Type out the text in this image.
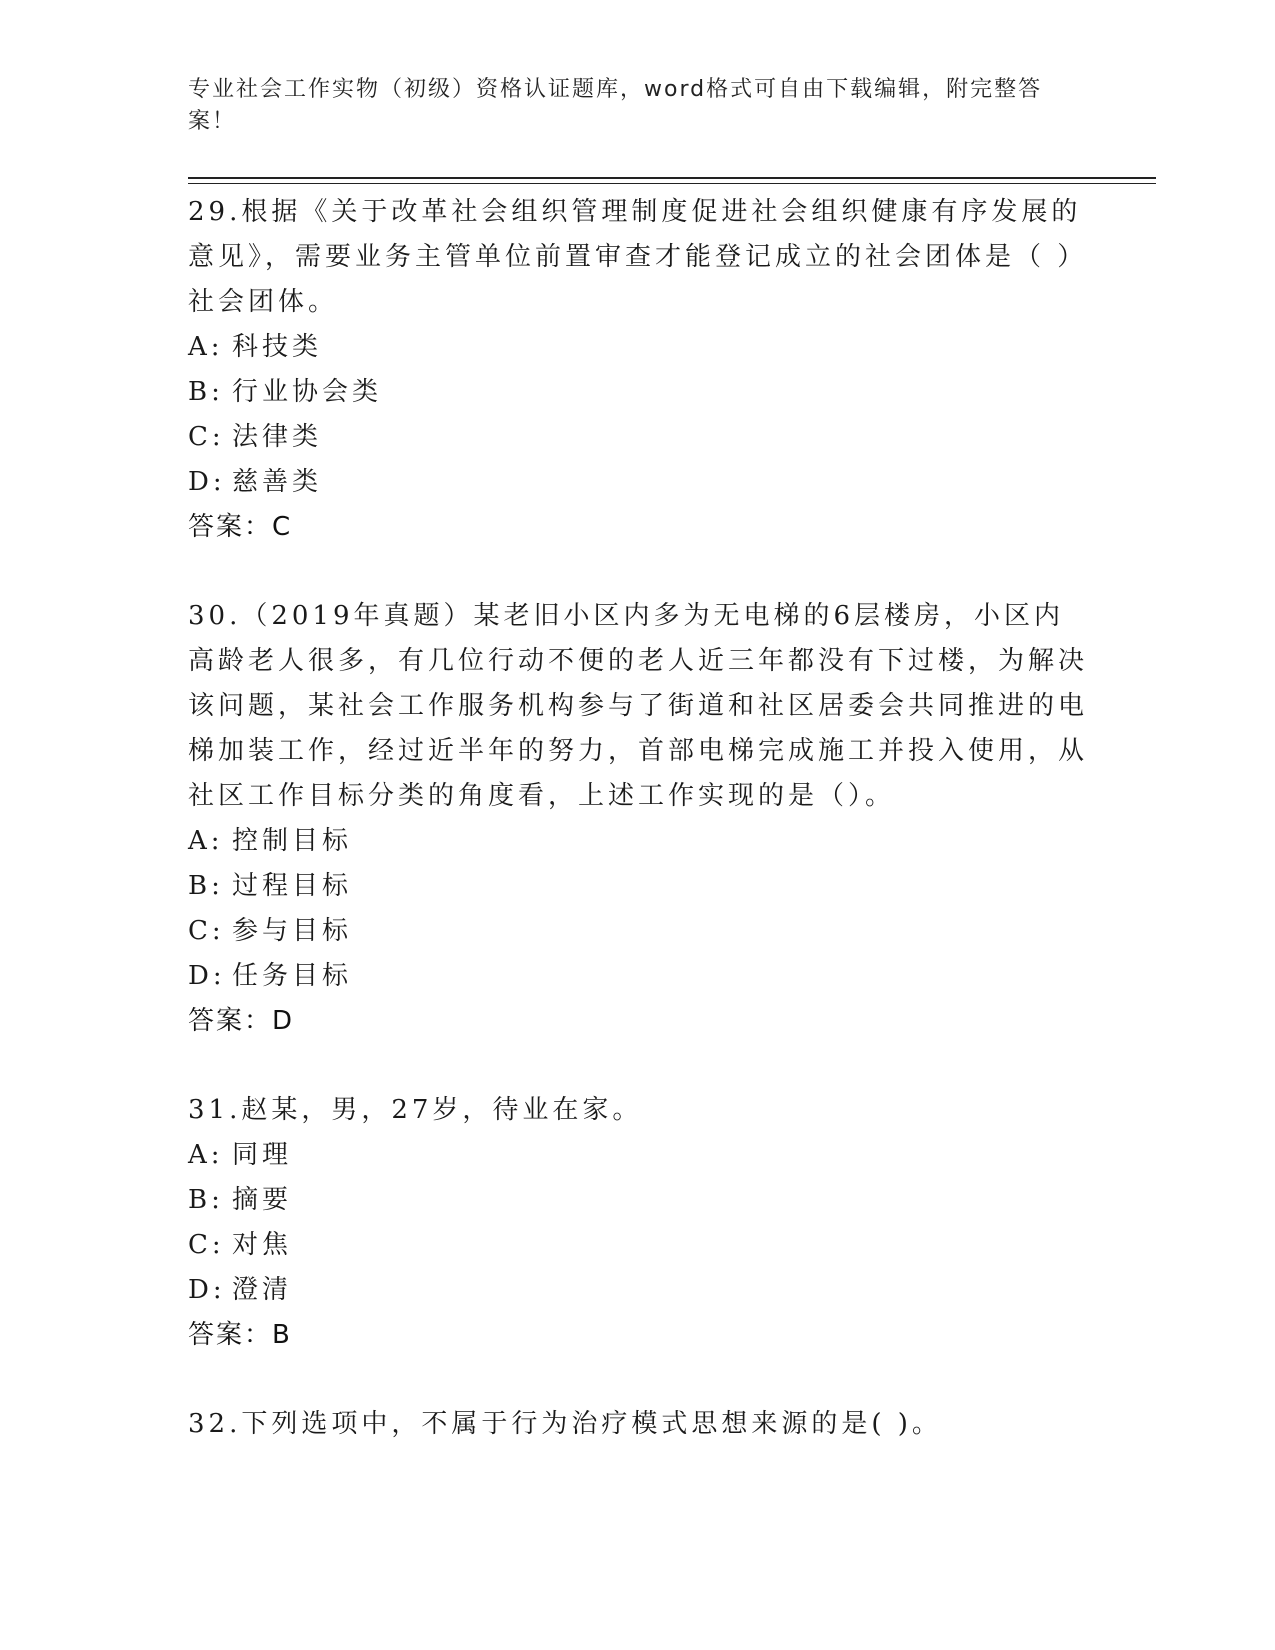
专业社会工作实物（初级）资格认证题库，word格式可自由下载编辑，附完整答案！
29.根据《关于改革社会组织管理制度促进社会组织健康有序发展的意见》，需要业务主管单位前置审查才能登记成立的社会团体是（ ）社会团体。
A: 科技类
B: 行业协会类
C: 法律类
D: 慈善类
答案：C
30.（2019年真题）某老旧小区内多为无电梯的6层楼房，小区内高龄老人很多，有几位行动不便的老人近三年都没有下过楼，为解决该问题，某社会工作服务机构参与了街道和社区居委会共同推进的电梯加装工作，经过近半年的努力，首部电梯完成施工并投入使用，从社区工作目标分类的角度看，上述工作实现的是（）。
A: 控制目标
B: 过程目标
C: 参与目标
D: 任务目标
答案：D
31.赵某，男，27岁，待业在家。
A: 同理
B: 摘要
C: 对焦
D: 澄清
答案：B
32.下列选项中，不属于行为治疗模式思想来源的是( )。
